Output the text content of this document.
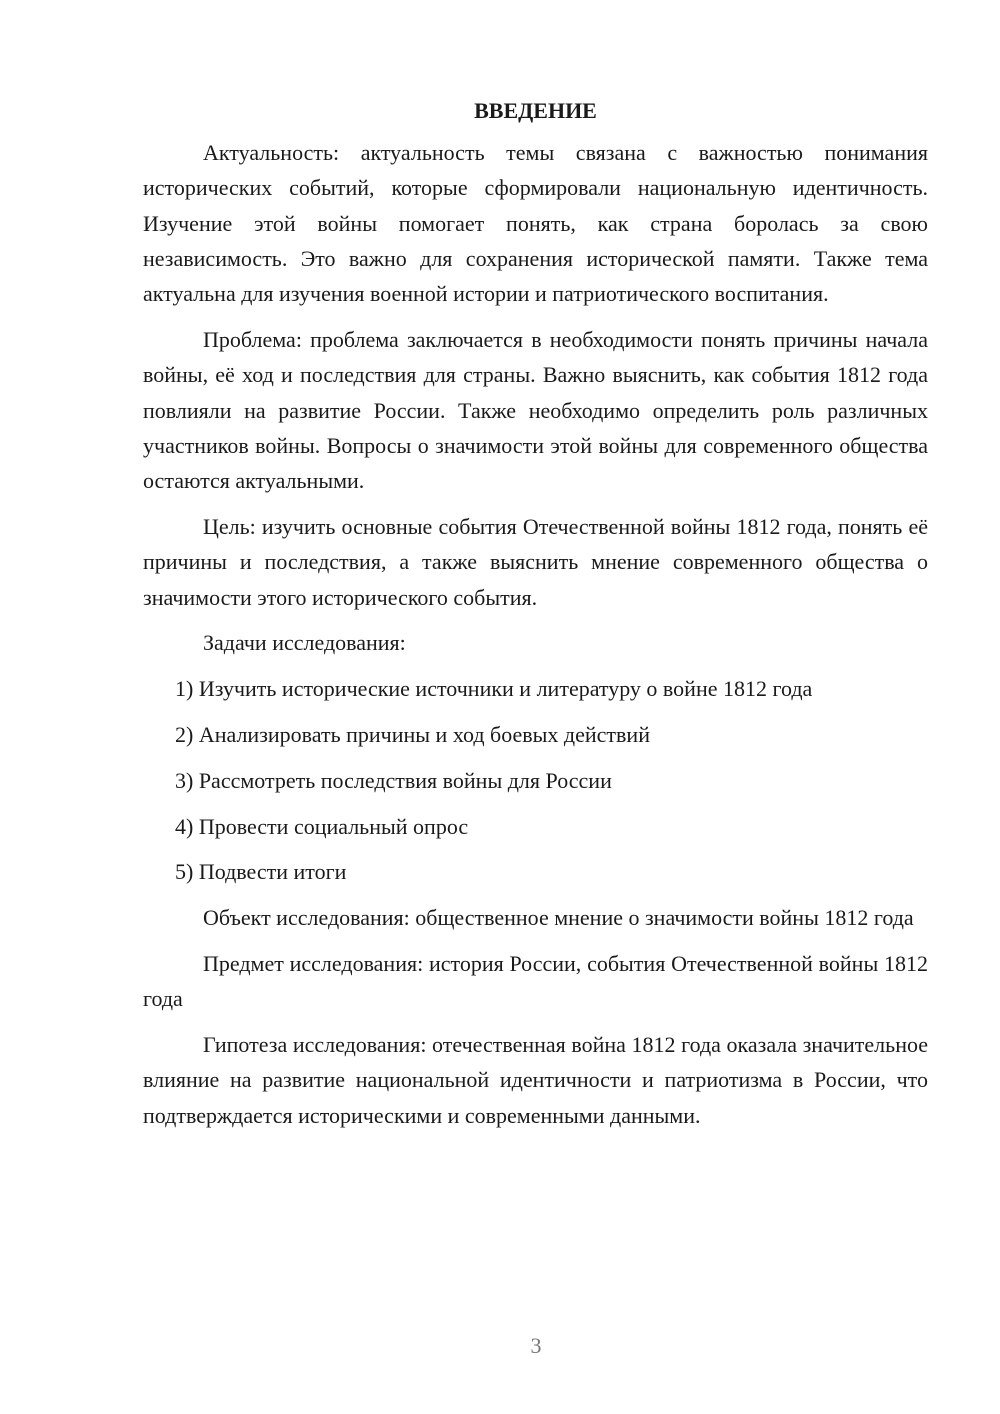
ВВЕДЕНИЕ

Актуальность: актуальность темы связана с важностью понимания исторических событий, которые сформировали национальную идентичность. Изучение этой войны помогает понять, как страна боролась за свою независимость. Это важно для сохранения исторической памяти. Также тема актуальна для изучения военной истории и патриотического воспитания.

Проблема: проблема заключается в необходимости понять причины начала войны, её ход и последствия для страны. Важно выяснить, как события 1812 года повлияли на развитие России. Также необходимо определить роль различных участников войны. Вопросы о значимости этой войны для современного общества остаются актуальными.

Цель: изучить основные события Отечественной войны 1812 года, понять её причины и последствия, а также выяснить мнение современного общества о значимости этого исторического события.

Задачи исследования:

1) Изучить исторические источники и литературу о войне 1812 года

2) Анализировать причины и ход боевых действий

3) Рассмотреть последствия войны для России

4) Провести социальный опрос

5) Подвести итоги

Объект исследования: общественное мнение о значимости войны 1812 года

Предмет исследования: история России, события Отечественной войны 1812 года

Гипотеза исследования: отечественная война 1812 года оказала значительное влияние на развитие национальной идентичности и патриотизма в России, что подтверждается историческими и современными данными.

3
